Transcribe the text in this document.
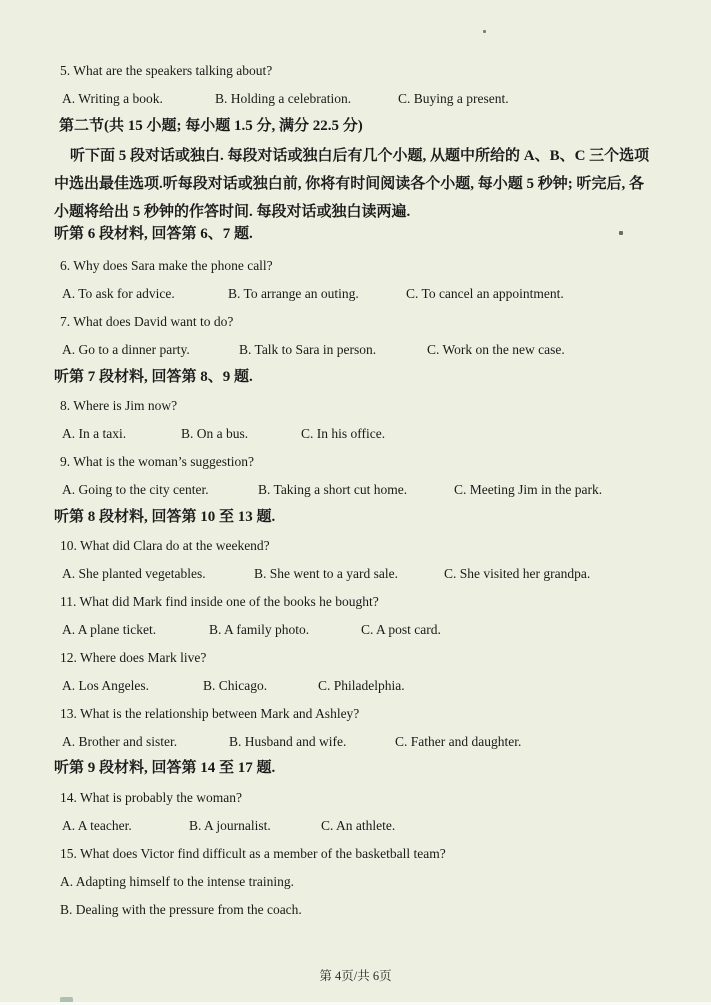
5. What are the speakers talking about?
A. Writing a book.	B. Holding a celebration.	C. Buying a present.
第二节(共 15 小题; 每小题 1.5 分, 满分 22.5 分)
听下面 5 段对话或独白. 每段对话或独白后有几个小题, 从题中所给的 A、B、C 三个选项
中选出最佳选项.听每段对话或独白前, 你将有时间阅读各个小题, 每小题 5 秒钟; 听完后, 各
小题将给出 5 秒钟的作答时间. 每段对话或独白读两遍.
听第 6 段材料, 回答第 6、7 题.
6. Why does Sara make the phone call?
A. To ask for advice.	B. To arrange an outing.	C. To cancel an appointment.
7. What does David want to do?
A. Go to a dinner party.	B. Talk to Sara in person.	C. Work on the new case.
听第 7 段材料, 回答第 8、9 题.
8. Where is Jim now?
A. In a taxi.	B. On a bus.	C. In his office.
9. What is the woman’s suggestion?
A. Going to the city center.	B. Taking a short cut home.	C. Meeting Jim in the park.
听第 8 段材料, 回答第 10 至 13 题.
10. What did Clara do at the weekend?
A. She planted vegetables.	B. She went to a yard sale.	C. She visited her grandpa.
11. What did Mark find inside one of the books he bought?
A. A plane ticket.	B. A family photo.	C. A post card.
12. Where does Mark live?
A. Los Angeles.	B. Chicago.	C. Philadelphia.
13. What is the relationship between Mark and Ashley?
A. Brother and sister.	B. Husband and wife.	C. Father and daughter.
听第 9 段材料, 回答第 14 至 17 题.
14. What is probably the woman?
A. A teacher.	B. A journalist.	C. An athlete.
15. What does Victor find difficult as a member of the basketball team?
A. Adapting himself to the intense training.
B. Dealing with the pressure from the coach.
第 4页/共 6页
